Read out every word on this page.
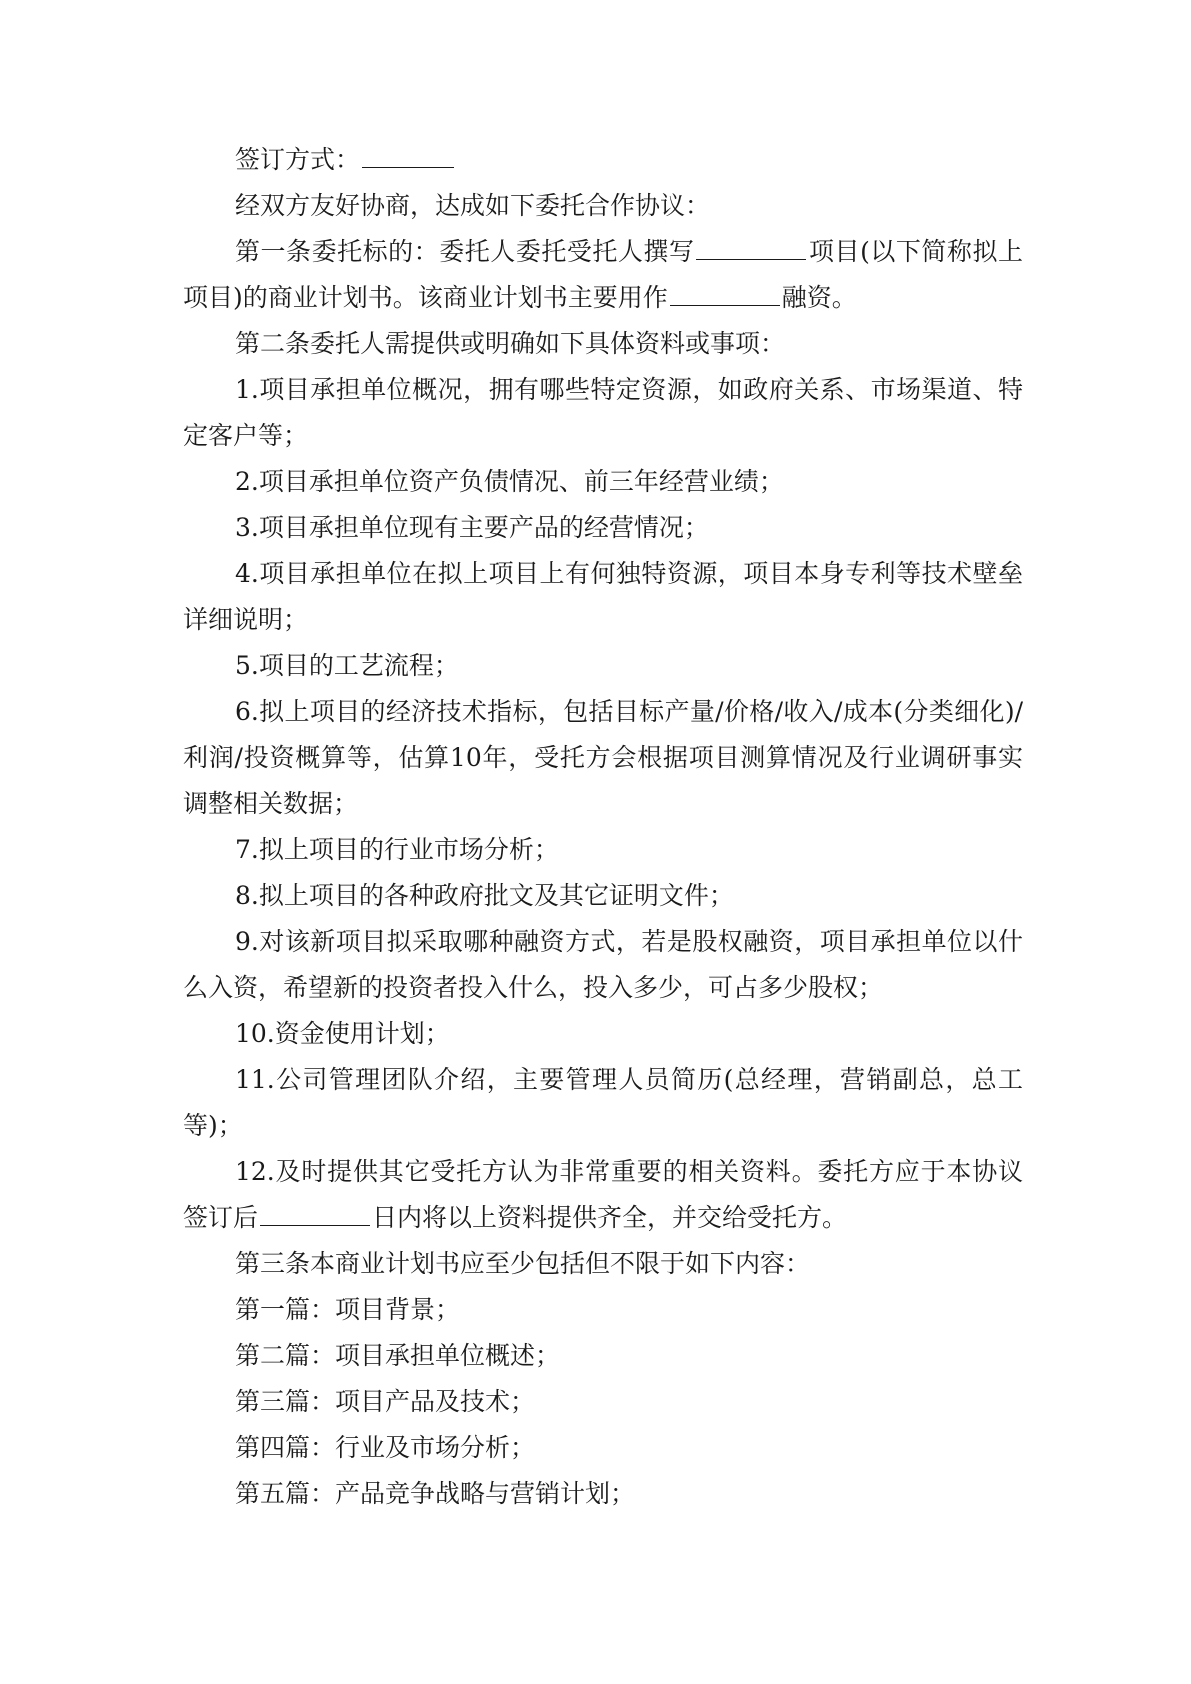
签订方式：

经双方友好协商，达成如下委托合作协议：

第一条委托标的：委托人委托受托人撰写	项目(以下简称拟上项目)的商业计划书。该商业计划书主要用作	融资。

第二条委托人需提供或明确如下具体资料或事项：

1.项目承担单位概况，拥有哪些特定资源，如政府关系、市场渠道、特定客户等；

2.项目承担单位资产负债情况、前三年经营业绩；

3.项目承担单位现有主要产品的经营情况；

4.项目承担单位在拟上项目上有何独特资源，项目本身专利等技术壁垒详细说明；

5.项目的工艺流程；

6.拟上项目的经济技术指标，包括目标产量/价格/收入/成本(分类细化)/利润/投资概算等，估算10年，受托方会根据项目测算情况及行业调研事实调整相关数据；

7.拟上项目的行业市场分析；

8.拟上项目的各种政府批文及其它证明文件；

9.对该新项目拟采取哪种融资方式，若是股权融资，项目承担单位以什么入资，希望新的投资者投入什么，投入多少，可占多少股权；

10.资金使用计划；

11.公司管理团队介绍，主要管理人员简历(总经理，营销副总，总工等)；

12.及时提供其它受托方认为非常重要的相关资料。委托方应于本协议签订后	日内将以上资料提供齐全，并交给受托方。

第三条本商业计划书应至少包括但不限于如下内容：

第一篇：项目背景；

第二篇：项目承担单位概述；

第三篇：项目产品及技术；

第四篇：行业及市场分析；

第五篇：产品竞争战略与营销计划；
